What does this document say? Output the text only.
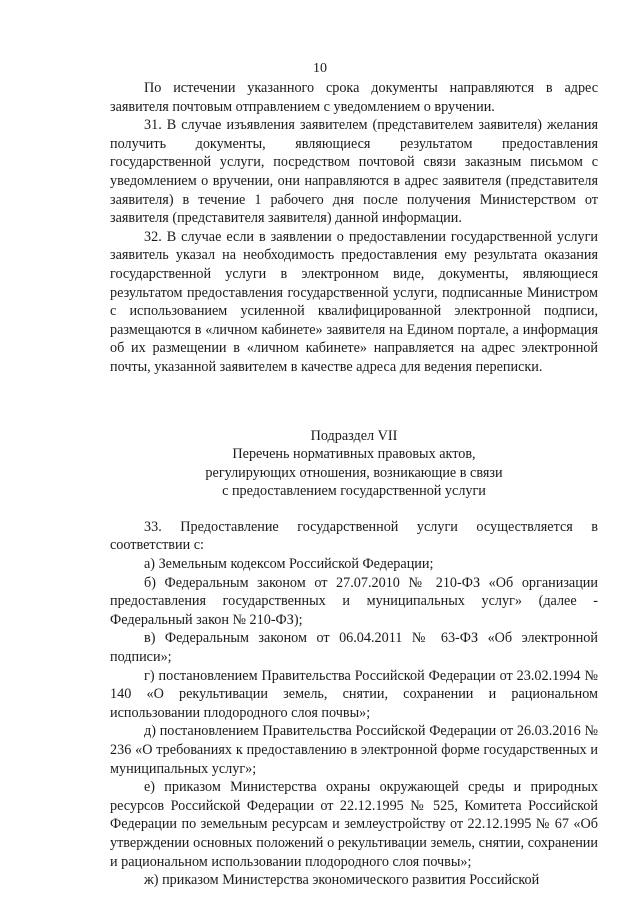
10

По истечении указанного срока документы направляются в адрес заявителя почтовым отправлением с уведомлением о вручении.

31. В случае изъявления заявителем (представителем заявителя) желания получить документы, являющиеся результатом предоставления государственной услуги, посредством почтовой связи заказным письмом с уведомлением о вручении, они направляются в адрес заявителя (представителя заявителя) в течение 1 рабочего дня после получения Министерством от заявителя (представителя заявителя) данной информации.

32. В случае если в заявлении о предоставлении государственной услуги заявитель указал на необходимость предоставления ему результата оказания государственной услуги в электронном виде, документы, являющиеся результатом предоставления государственной услуги, подписанные Министром с использованием усиленной квалифицированной электронной подписи, размещаются в «личном кабинете» заявителя на Едином портале, а информация об их размещении в «личном кабинете» направляется на адрес электронной почты, указанной заявителем в качестве адреса для ведения переписки.

Подраздел VII

Перечень нормативных правовых актов,

регулирующих отношения, возникающие в связи

с предоставлением государственной услуги

33. Предоставление государственной услуги осуществляется в соответствии с:

а) Земельным кодексом Российской Федерации;

б) Федеральным законом от 27.07.2010 № 210-ФЗ «Об организации предоставления государственных и муниципальных услуг» (далее - Федеральный закон № 210-ФЗ);

в) Федеральным законом от 06.04.2011 № 63-ФЗ «Об электронной подписи»;

г) постановлением Правительства Российской Федерации от 23.02.1994 № 140 «О рекультивации земель, снятии, сохранении и рациональном использовании плодородного слоя почвы»;

д) постановлением Правительства Российской Федерации от 26.03.2016 № 236 «О требованиях к предоставлению в электронной форме государственных и муниципальных услуг»;

е) приказом Министерства охраны окружающей среды и природных ресурсов Российской Федерации от 22.12.1995 № 525, Комитета Российской Федерации по земельным ресурсам и землеустройству от 22.12.1995 № 67 «Об утверждении основных положений о рекультивации земель, снятии, сохранении и рациональном использовании плодородного слоя почвы»;

ж) приказом Министерства экономического развития Российской
